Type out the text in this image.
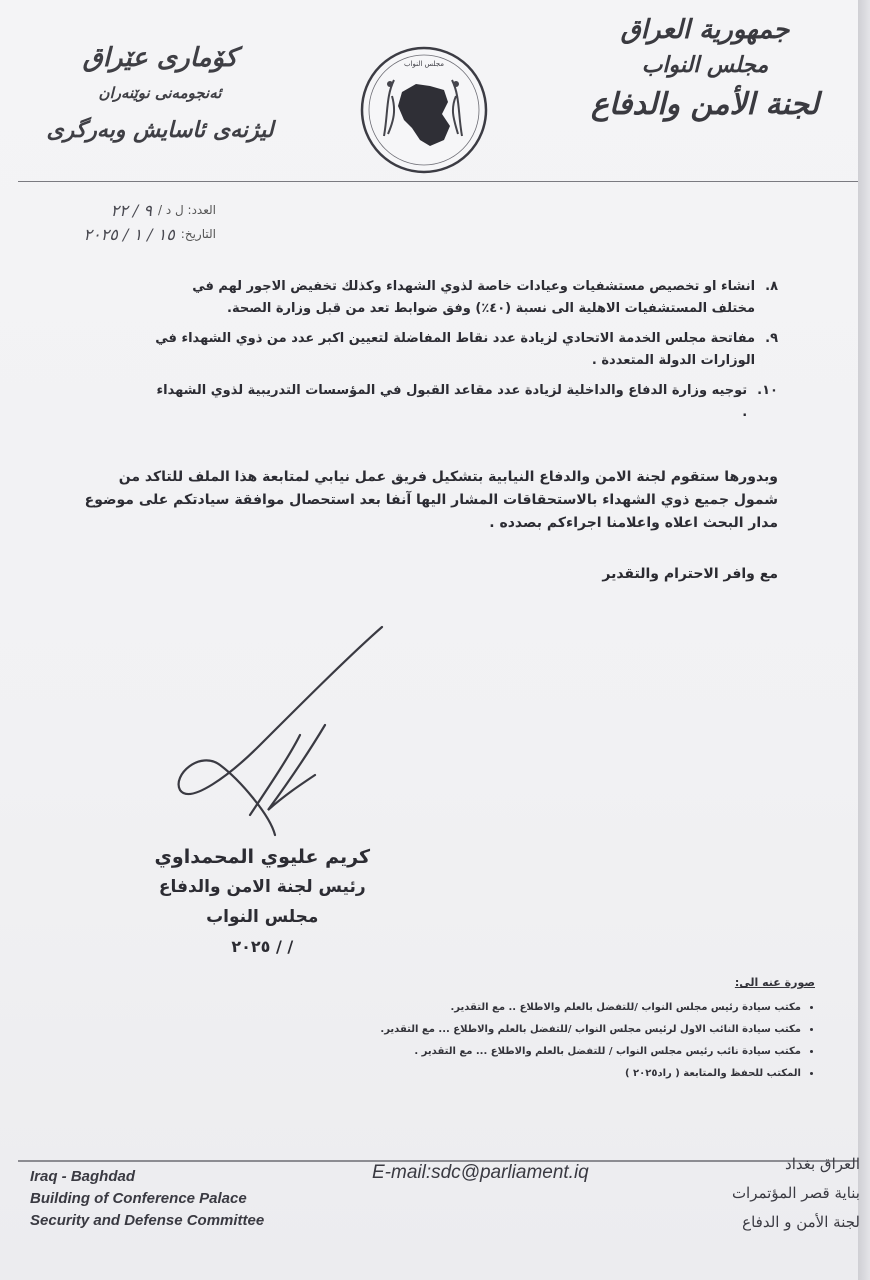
جمهورية العراق
مجلس النواب
لجنة الأمن والدفاع
كۆماری عێراق
ئەنجومەنی نوێنەران
لیژنەی ئاسایش وبەرگری
مجلس النواب
العدد: ل د /
٩ / ٢٢
التاريخ:
١٥ / ١ / ٢٠٢٥
٨.
انشاء او تخصيص مستشفيات وعيادات خاصة لذوي الشهداء وكذلك تخفيض الاجور لهم في مختلف المستشفيات الاهلية الى نسبة (٤٠٪) وفق ضوابط تعد من قبل وزارة الصحة.
٩.
مفاتحة مجلس الخدمة الاتحادي لزيادة عدد نقاط المفاضلة لتعيين اكبر عدد من ذوي الشهداء في الوزارات الدولة المتعددة .
١٠.
توجيه وزارة الدفاع والداخلية لزيادة عدد مقاعد القبول في المؤسسات التدريبية لذوي الشهداء .
وبدورها ستقوم لجنة الامن والدفاع النيابية بتشكيل فريق عمل نيابي لمتابعة هذا الملف للتاكد من شمول جميع ذوي الشهداء بالاستحقاقات المشار اليها آنفا بعد استحصال موافقة سيادتكم على موضوع مدار البحث اعلاه واعلامنا اجراءكم بصدده .
مع وافر الاحترام والتقدير
كريم عليوي المحمداوي
رئيس لجنة الامن والدفاع
مجلس النواب
/ / ٢٠٢٥
صورة عنه الى:
• مكتب سيادة رئيس مجلس النواب /للتفضل بالعلم والاطلاع .. مع التقدير.
• مكتب سيادة النائب الاول لرئيس مجلس النواب /للتفضل بالعلم والاطلاع ... مع التقدير.
• مكتب سيادة نائب رئيس مجلس النواب / للتفضل بالعلم والاطلاع ... مع التقدير .
• المكتب للحفظ والمتابعة ( راد٢٠٢٥ )
Iraq - Baghdad
Building of Conference Palace
Security and Defense Committee
E-mail:sdc@parliament.iq	العراق بغداد
بناية قصر المؤتمرات
لجنة الأمن و الدفاع
